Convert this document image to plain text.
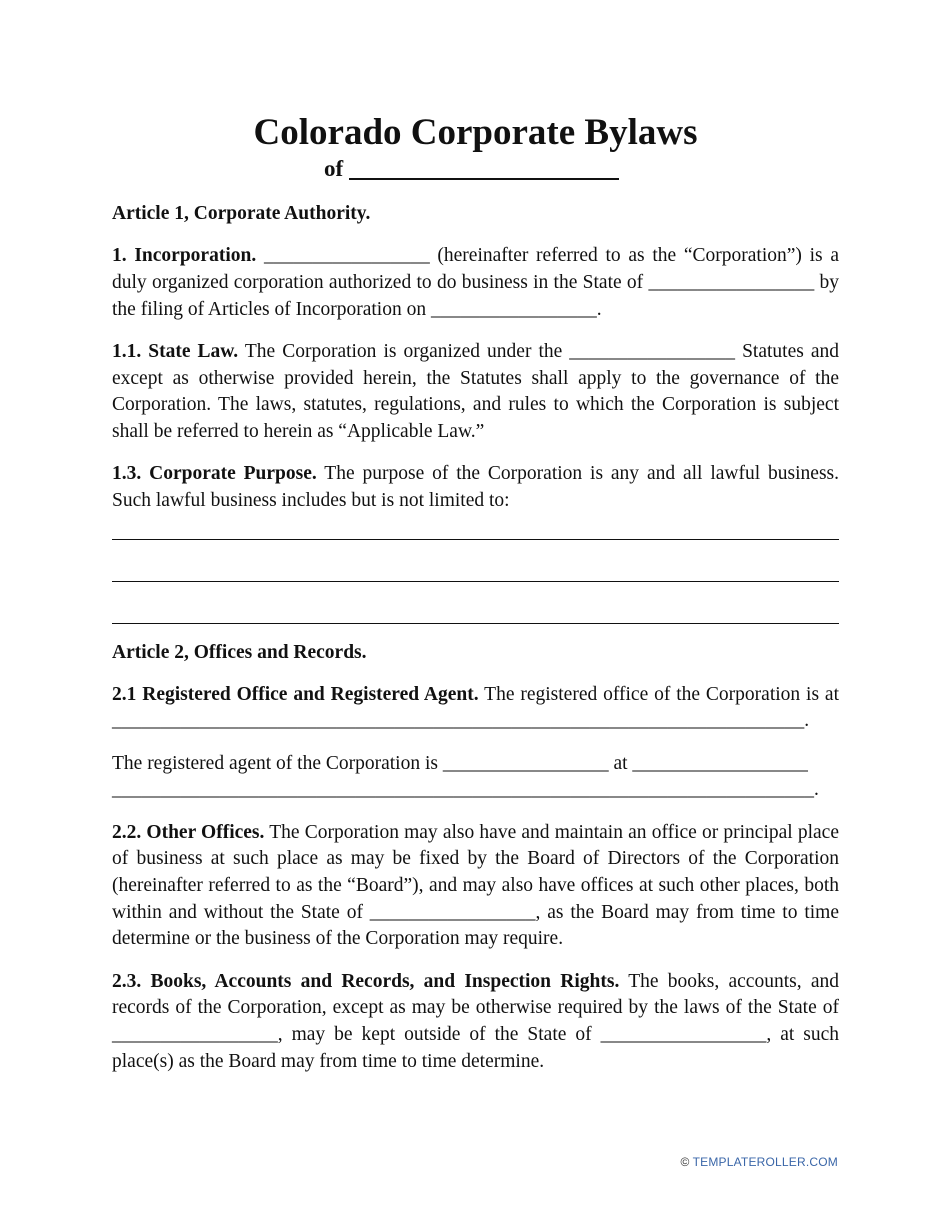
Colorado Corporate Bylaws
of

Article 1, Corporate Authority.

1. Incorporation. _________________ (hereinafter referred to as the “Corporation”) is a duly organized corporation authorized to do business in the State of _________________ by the filing of Articles of Incorporation on _________________.

1.1. State Law. The Corporation is organized under the _________________ Statutes and except as otherwise provided herein, the Statutes shall apply to the governance of the Corporation. The laws, statutes, regulations, and rules to which the Corporation is subject shall be referred to herein as “Applicable Law.”

1.3. Corporate Purpose. The purpose of the Corporation is any and all lawful business. Such lawful business includes but is not limited to:

Article 2, Offices and Records.

2.1 Registered Office and Registered Agent. The registered office of the Corporation is at _______________________________________________________________________.

The registered agent of the Corporation is _________________ at __________________ ________________________________________________________________________.

2.2. Other Offices. The Corporation may also have and maintain an office or principal place of business at such place as may be fixed by the Board of Directors of the Corporation (hereinafter referred to as the “Board”), and may also have offices at such other places, both within and without the State of _________________, as the Board may from time to time determine or the business of the Corporation may require.

2.3. Books, Accounts and Records, and Inspection Rights. The books, accounts, and records of the Corporation, except as may be otherwise required by the laws of the State of _________________, may be kept outside of the State of _________________, at such place(s) as the Board may from time to time determine.

© TEMPLATEROLLER.COM
